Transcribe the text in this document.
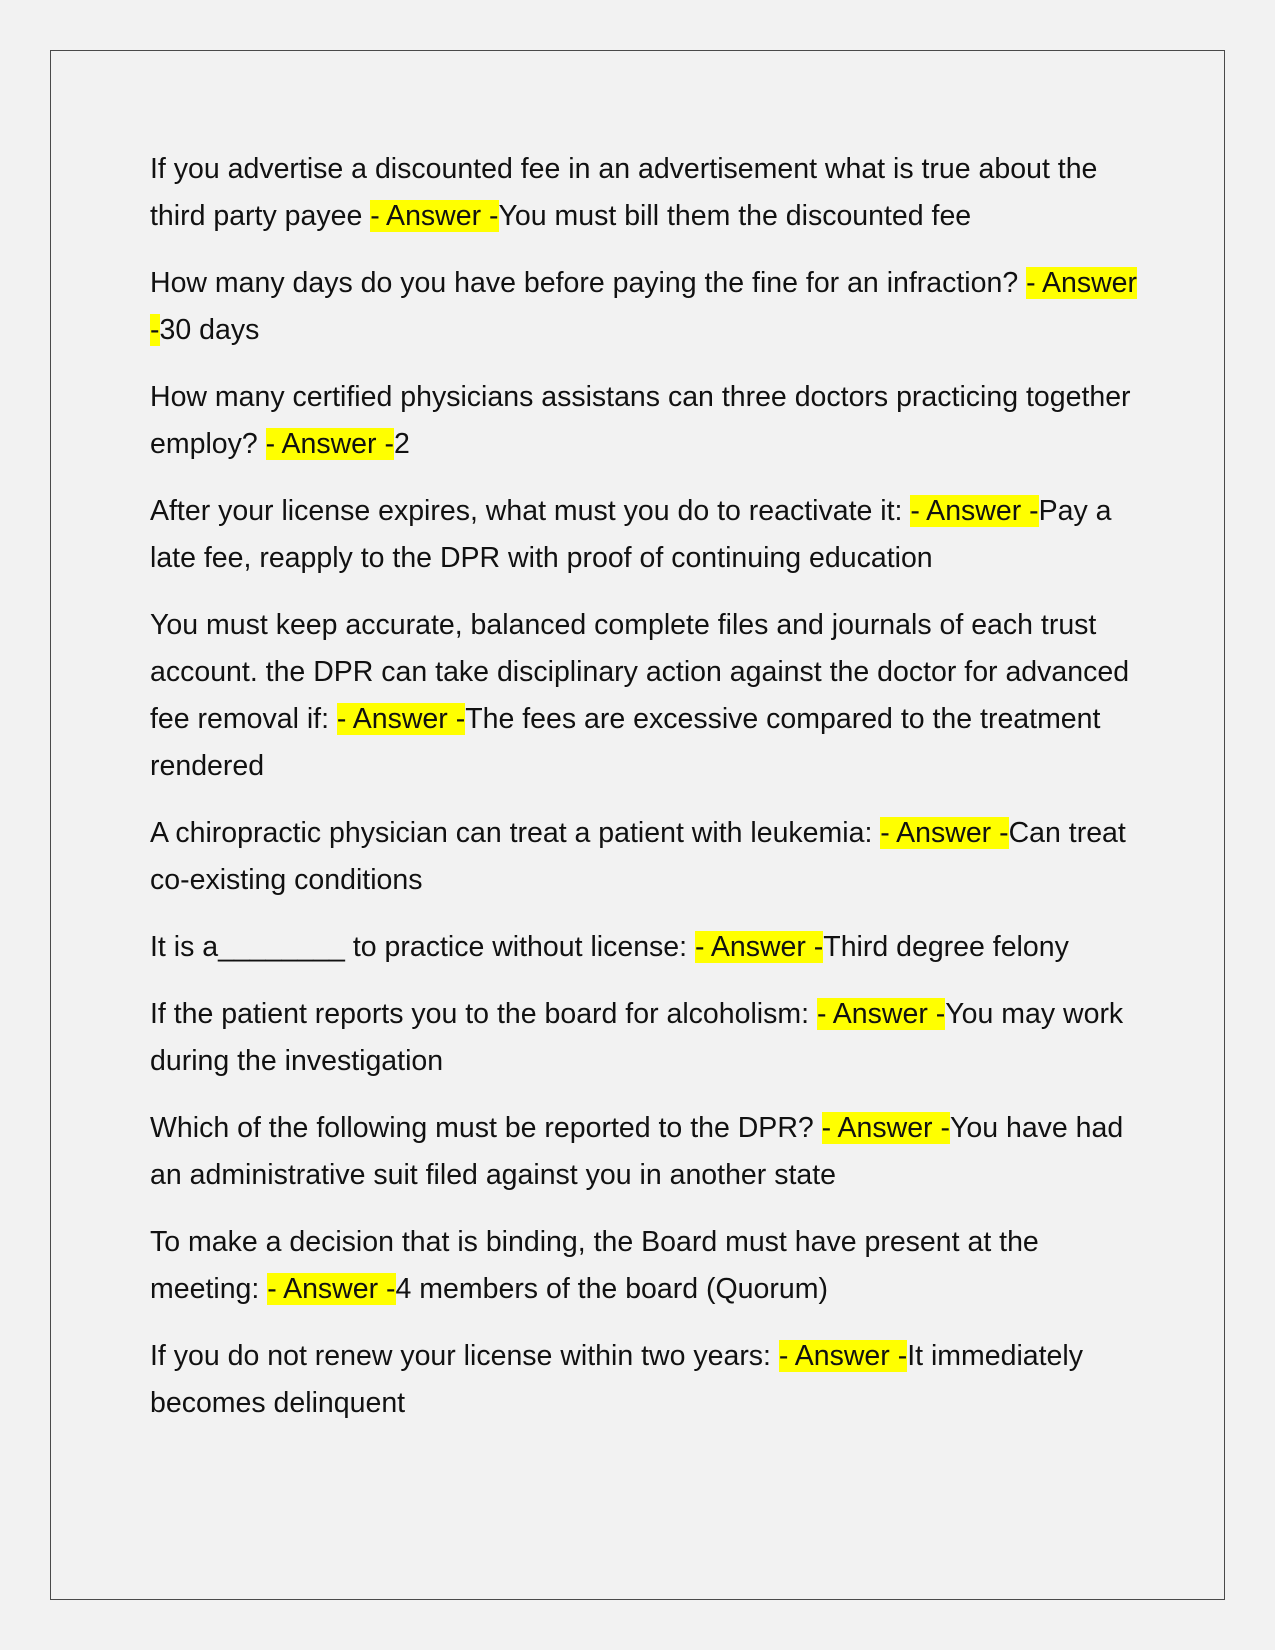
If you advertise a discounted fee in an advertisement what is true about the third party payee - Answer -You must bill them the discounted fee

How many days do you have before paying the fine for an infraction? - Answer -30 days

How many certified physicians assistans can three doctors practicing together employ? - Answer -2

After your license expires, what must you do to reactivate it: - Answer -Pay a late fee, reapply to the DPR with proof of continuing education

You must keep accurate, balanced complete files and journals of each trust account. the DPR can take disciplinary action against the doctor for advanced fee removal if: - Answer -The fees are excessive compared to the treatment rendered

A chiropractic physician can treat a patient with leukemia: - Answer -Can treat co-existing conditions

It is a________ to practice without license: - Answer -Third degree felony

If the patient reports you to the board for alcoholism: - Answer -You may work during the investigation

Which of the following must be reported to the DPR? - Answer -You have had an administrative suit filed against you in another state

To make a decision that is binding, the Board must have present at the meeting: - Answer -4 members of the board (Quorum)

If you do not renew your license within two years: - Answer -It immediately becomes delinquent
